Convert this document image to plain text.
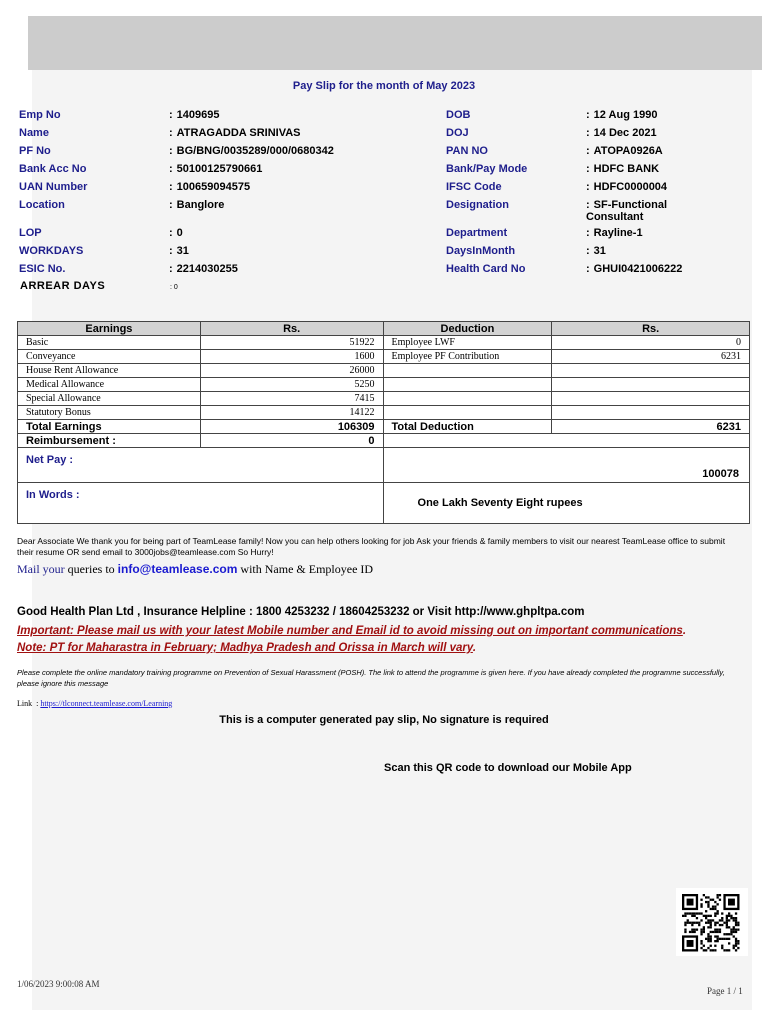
Pay Slip for the month of May 2023
Emp No	: 1409695
Name	: ATRAGADDA SRINIVAS
PF No	: BG/BNG/0035289/000/0680342
Bank Acc No	: 50100125790661
UAN Number	: 100659094575
Location	: Banglore
LOP	: 0
WORKDAYS	: 31
ESIC No.	: 2214030255
DOB	: 12 Aug 1990
DOJ	: 14 Dec 2021
PAN NO	: ATOPA0926A
Bank/Pay Mode	: HDFC BANK
IFSC Code	: HDFC0000004
Designation	: SF-Functional Consultant
Department	: Rayline-1
DaysInMonth	: 31
Health Card No	: GHUI0421006222
ARREAR DAYS	: 0
Earnings	Rs.	Deduction	Rs.
Basic	51922	Employee LWF	0
Conveyance	1600	Employee PF Contribution	6231
House Rent Allowance	26000		
Medical Allowance	5250		
Special Allowance	7415		
Statutory Bonus	14122		
Total Earnings	106309	Total Deduction	6231
Reimbursement :	0		
Net Pay :		100078	
In Words :		One Lakh Seventy Eight rupees	
Dear Associate We thank you for being part of TeamLease family! Now you can help others looking for job Ask your friends & family members to visit our nearest TeamLease office to submit their resume OR send email to 3000jobs@teamlease.com So Hurry!
Mail your queries to info@teamlease.com with Name & Employee ID
Good Health Plan Ltd , Insurance Helpline : 1800 4253232 / 18604253232 or Visit http://www.ghpltpa.com
Important: Please mail us with your latest Mobile number and Email id to avoid missing out on important communications.
Note: PT for Maharastra in February; Madhya Pradesh and Orissa in March will vary.
Please complete the online mandatory training programme on Prevention of Sexual Harassment (POSH). The link to attend the programme is given here. If you have already completed the programme successfully, please ignore this message
Link  : https://tlconnect.teamlease.com/Learning
This is a computer generated pay slip, No signature is required
Scan this QR code to download our Mobile App
1/06/2023 9:00:08 AM
Page 1 / 1
